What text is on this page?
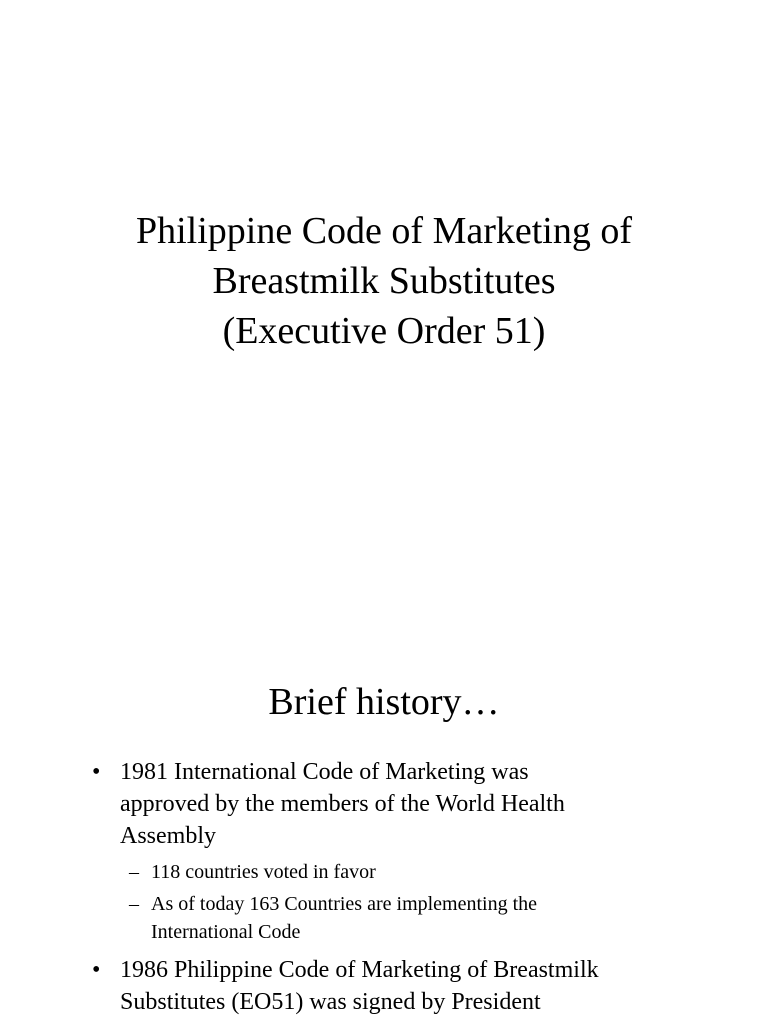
Philippine Code of Marketing of
Breastmilk Substitutes
(Executive Order 51)
Brief history…
• 1981 International Code of Marketing was
approved by the members of the World Health
Assembly
– 118 countries voted in favor
– As of today 163 Countries are implementing the
International Code
• 1986 Philippine Code of Marketing of Breastmilk
Substitutes (EO51) was signed by President
